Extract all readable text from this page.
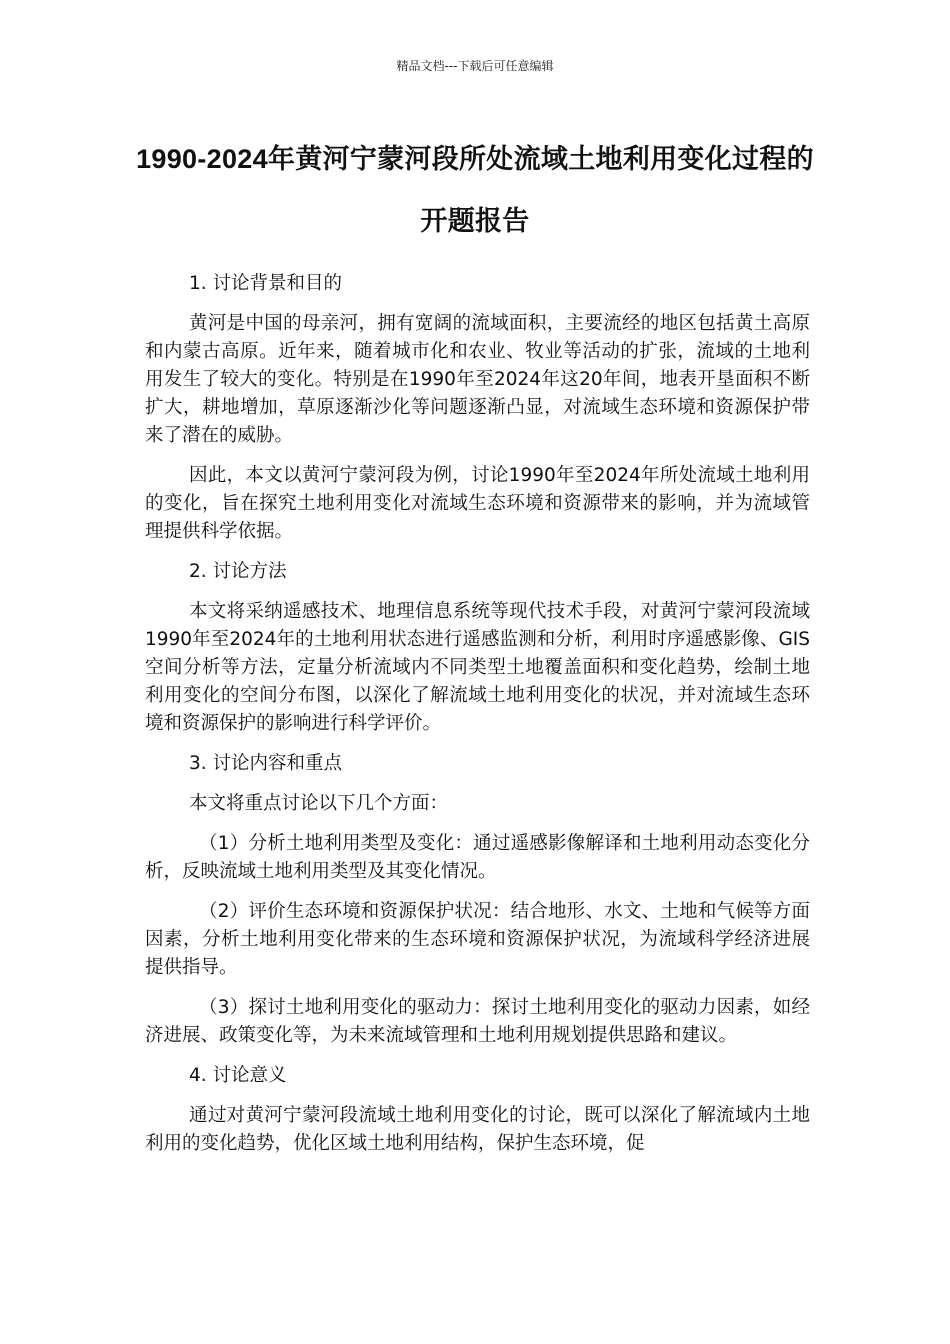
精品文档---下载后可任意编辑
1990-2024年黄河宁蒙河段所处流域土地利用变化过程的开题报告

1. 讨论背景和目的

黄河是中国的母亲河，拥有宽阔的流域面积，主要流经的地区包括黄土高原和内蒙古高原。近年来，随着城市化和农业、牧业等活动的扩张，流域的土地利用发生了较大的变化。特别是在1990年至2024年这20年间，地表开垦面积不断扩大，耕地增加，草原逐渐沙化等问题逐渐凸显，对流域生态环境和资源保护带来了潜在的威胁。

因此，本文以黄河宁蒙河段为例，讨论1990年至2024年所处流域土地利用的变化，旨在探究土地利用变化对流域生态环境和资源带来的影响，并为流域管理提供科学依据。

2. 讨论方法

本文将采纳遥感技术、地理信息系统等现代技术手段，对黄河宁蒙河段流域1990年至2024年的土地利用状态进行遥感监测和分析，利用时序遥感影像、GIS空间分析等方法，定量分析流域内不同类型土地覆盖面积和变化趋势，绘制土地利用变化的空间分布图，以深化了解流域土地利用变化的状况，并对流域生态环境和资源保护的影响进行科学评价。

3. 讨论内容和重点

本文将重点讨论以下几个方面：

（1）分析土地利用类型及变化：通过遥感影像解译和土地利用动态变化分析，反映流域土地利用类型及其变化情况。

（2）评价生态环境和资源保护状况：结合地形、水文、土地和气候等方面因素，分析土地利用变化带来的生态环境和资源保护状况，为流域科学经济进展提供指导。

（3）探讨土地利用变化的驱动力：探讨土地利用变化的驱动力因素，如经济进展、政策变化等，为未来流域管理和土地利用规划提供思路和建议。

4. 讨论意义

通过对黄河宁蒙河段流域土地利用变化的讨论，既可以深化了解流域内土地利用的变化趋势，优化区域土地利用结构，保护生态环境，促
